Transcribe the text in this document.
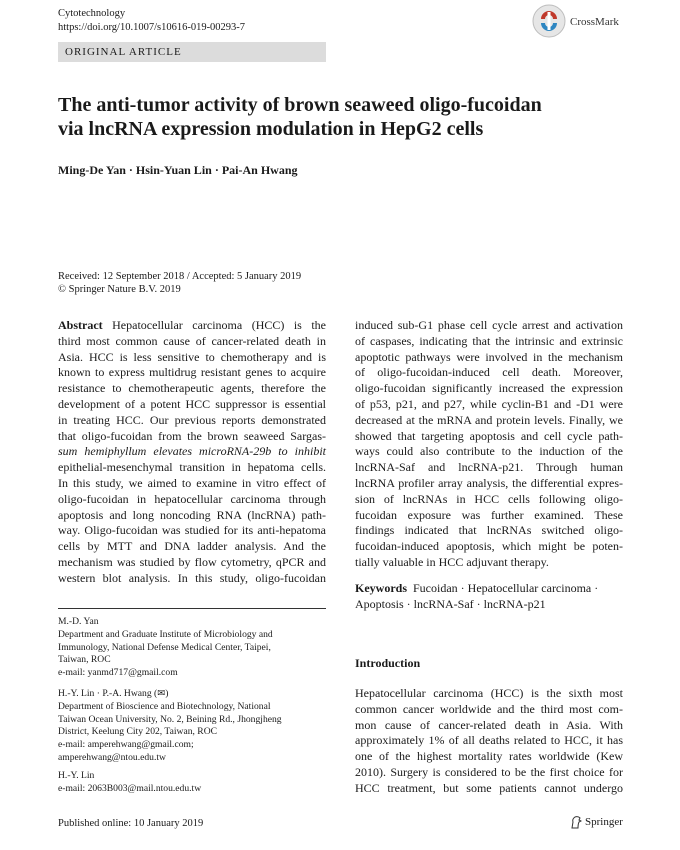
Cytotechnology
https://doi.org/10.1007/s10616-019-00293-7	CrossMark
ORIGINAL ARTICLE
The anti-tumor activity of brown seaweed oligo-fucoidan
via lncRNA expression modulation in HepG2 cells
Ming-De Yan · Hsin-Yuan Lin · Pai-An Hwang
Received: 12 September 2018 / Accepted: 5 January 2019
© Springer Nature B.V. 2019
Abstract Hepatocellular carcinoma (HCC) is the
third most common cause of cancer-related death in
Asia. HCC is less sensitive to chemotherapy and is
known to express multidrug resistant genes to acquire
resistance to chemotherapeutic agents, therefore the
development of a potent HCC suppressor is essential
in treating HCC. Our previous reports demonstrated
that oligo-fucoidan from the brown seaweed Sargas-
sum hemiphyllum elevates microRNA-29b to inhibit
epithelial-mesenchymal transition in hepatoma cells.
In this study, we aimed to examine in vitro effect of
oligo-fucoidan in hepatocellular carcinoma through
apoptosis and long noncoding RNA (lncRNA) path-
way. Oligo-fucoidan was studied for its anti-hepatoma
cells by MTT and DNA ladder analysis. And the
mechanism was studied by flow cytometry, qPCR and
western blot analysis. In this study, oligo-fucoidan
induced sub-G1 phase cell cycle arrest and activation
of caspases, indicating that the intrinsic and extrinsic
apoptotic pathways were involved in the mechanism
of oligo-fucoidan-induced cell death. Moreover,
oligo-fucoidan significantly increased the expression
of p53, p21, and p27, while cyclin-B1 and -D1 were
decreased at the mRNA and protein levels. Finally, we
showed that targeting apoptosis and cell cycle path-
ways could also contribute to the induction of the
lncRNA-Saf and lncRNA-p21. Through human
lncRNA profiler array analysis, the differential expres-
sion of lncRNAs in HCC cells following oligo-
fucoidan exposure was further examined. These
findings indicated that lncRNAs switched oligo-
fucoidan-induced apoptosis, which might be poten-
tially valuable in HCC adjuvant therapy.
Keywords Fucoidan · Hepatocellular carcinoma ·
Apoptosis · lncRNA-Saf · lncRNA-p21
M.-D. Yan
Department and Graduate Institute of Microbiology and
Immunology, National Defense Medical Center, Taipei,
Taiwan, ROC
e-mail: yanmd717@gmail.com
H.-Y. Lin · P.-A. Hwang (✉)
Department of Bioscience and Biotechnology, National
Taiwan Ocean University, No. 2, Beining Rd., Jhongjheng
District, Keelung City 202, Taiwan, ROC
e-mail: amperehwang@gmail.com;
amperehwang@ntou.edu.tw
H.-Y. Lin
e-mail: 2063B003@mail.ntou.edu.tw
Introduction
Hepatocellular carcinoma (HCC) is the sixth most
common cancer worldwide and the third most com-
mon cause of cancer-related death in Asia. With
approximately 1% of all deaths related to HCC, it has
one of the highest mortality rates worldwide (Kew
2010). Surgery is considered to be the first choice for
HCC treatment, but some patients cannot undergo
Published online: 10 January 2019	Springer
